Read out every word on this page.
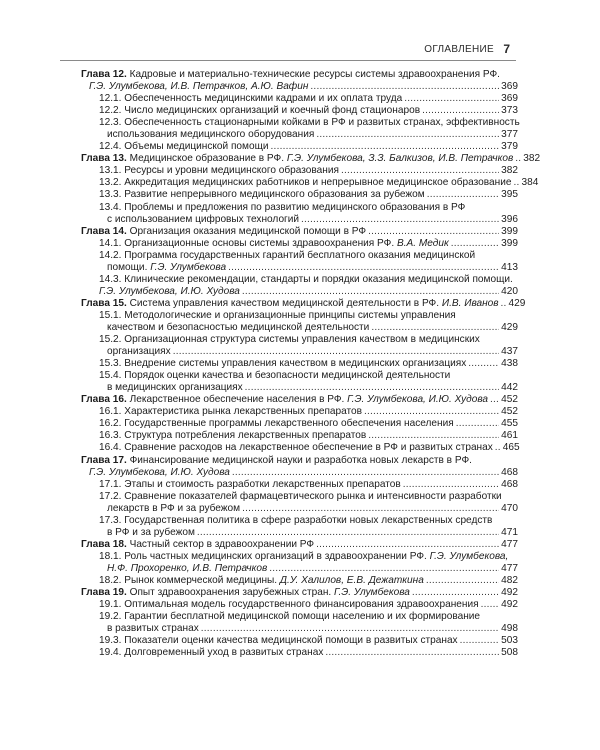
ОГЛАВЛЕНИЕ 7
Глава 12. Кадровые и материально-технические ресурсы системы здравоохранения РФ.
Г.Э. Улумбекова, И.В. Петрачков, А.Ю. Вафин . . .	369
12.1. Обеспеченность медицинскими кадрами и их оплата труда . . .	369
12.2. Число медицинских организаций и коечный фонд стационаров . . .	373
12.3. Обеспеченность стационарными койками в РФ и развитых странах, эффективность
использования медицинского оборудования . . .	377
12.4. Объемы медицинской помощи . . .	379
Глава 13. Медицинское образование в РФ. Г.Э. Улумбекова, З.З. Балкизов, И.В. Петрачков . . . 382
13.1. Ресурсы и уровни медицинского образования . . .	382
13.2. Аккредитация медицинских работников и непрерывное медицинское образование . . . 384
13.3. Развитие непрерывного медицинского образования за рубежом . . .	395
13.4. Проблемы и предложения по развитию медицинского образования в РФ
с использованием цифровых технологий . . .	396
Глава 14. Организация оказания медицинской помощи в РФ . . .	399
14.1. Организационные основы системы здравоохранения РФ. В.А. Медик . . .	399
14.2. Программа государственных гарантий бесплатного оказания медицинской
помощи. Г.Э. Улумбекова . . .	413
14.3. Клинические рекомендации, стандарты и порядки оказания медицинской помощи.
Г.Э. Улумбекова, И.Ю. Худова . . .	420
Глава 15. Система управления качеством медицинской деятельности в РФ. И.В. Иванов . . . 429
15.1. Методологические и организационные принципы системы управления
качеством и безопасностью медицинской деятельности . . .	429
15.2. Организационная структура системы управления качеством в медицинских
организациях . . .	437
15.3. Внедрение системы управления качеством в медицинских организациях . . .	438
15.4. Порядок оценки качества и безопасности медицинской деятельности
в медицинских организациях . . .	442
Глава 16. Лекарственное обеспечение населения в РФ. Г.Э. Улумбекова, И.Ю. Худова . . . 452
16.1. Характеристика рынка лекарственных препаратов . . .	452
16.2. Государственные программы лекарственного обеспечения населения . . .	455
16.3. Структура потребления лекарственных препаратов . . .	461
16.4. Сравнение расходов на лекарственное обеспечение в РФ и развитых странах . . . 465
Глава 17. Финансирование медицинской науки и разработка новых лекарств в РФ.
Г.Э. Улумбекова, И.Ю. Худова . . .	468
17.1. Этапы и стоимость разработки лекарственных препаратов . . .	468
17.2. Сравнение показателей фармацевтического рынка и интенсивности разработки
лекарств в РФ и за рубежом . . .	470
17.3. Государственная политика в сфере разработки новых лекарственных средств
в РФ и за рубежом . . .	471
Глава 18. Частный сектор в здравоохранении РФ . . .	477
18.1. Роль частных медицинских организаций в здравоохранении РФ. Г.Э. Улумбекова,
Н.Ф. Прохоренко, И.В. Петрачков . . .	477
18.2. Рынок коммерческой медицины. Д.У. Халилов, Е.В. Дежаткина . . .	482
Глава 19. Опыт здравоохранения зарубежных стран. Г.Э. Улумбекова . . .	492
19.1. Оптимальная модель государственного финансирования здравоохранения . . . 492
19.2. Гарантии бесплатной медицинской помощи населению и их формирование
в развитых странах . . .	498
19.3. Показатели оценки качества медицинской помощи в развитых странах . . .	503
19.4. Долговременный уход в развитых странах . . .	508
